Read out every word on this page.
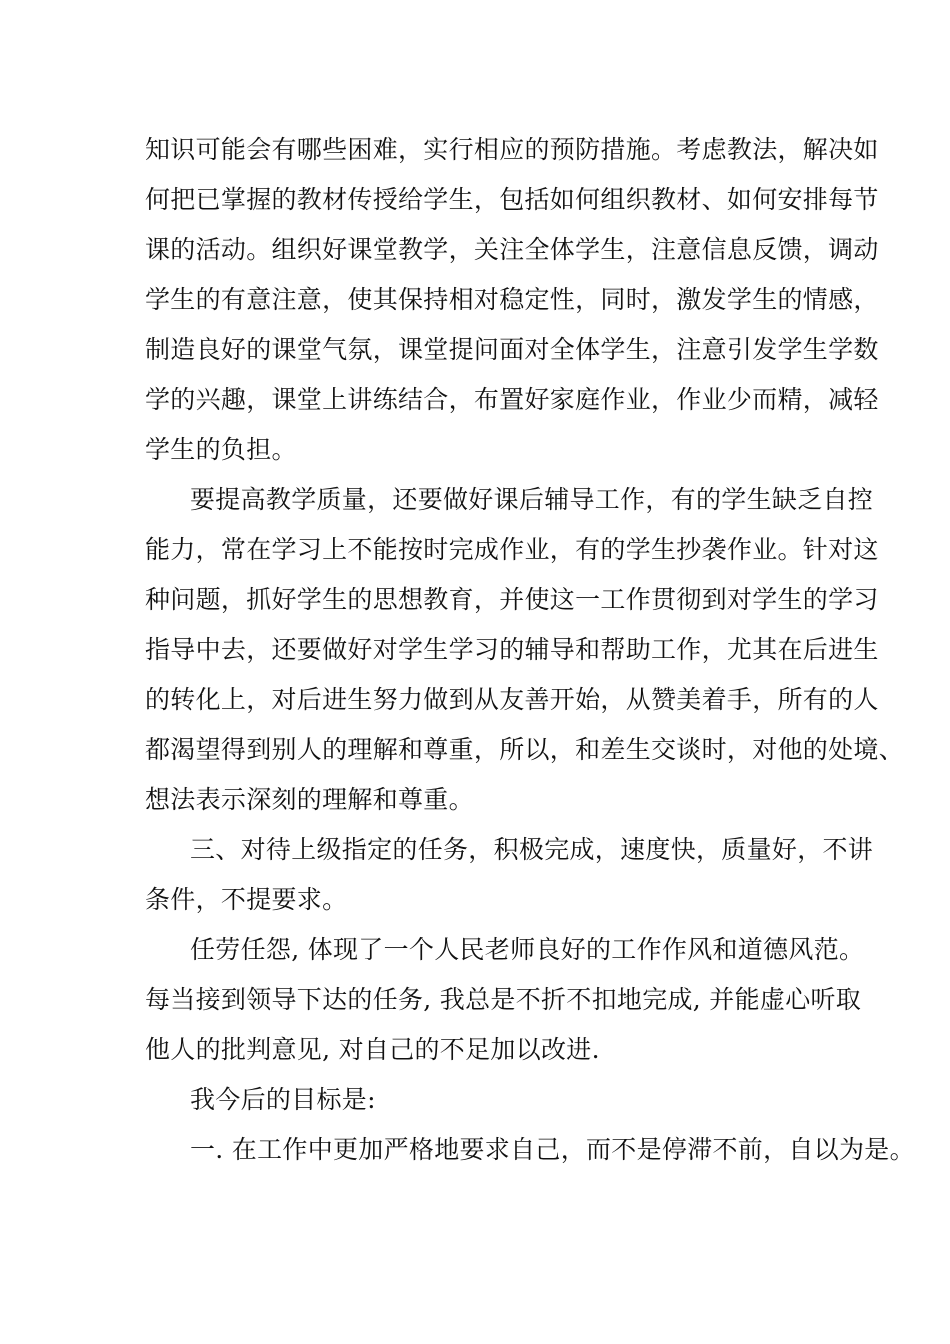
知识可能会有哪些困难，实行相应的预防措施。考虑教法，解决如
何把已掌握的教材传授给学生，包括如何组织教材、如何安排每节
课的活动。组织好课堂教学，关注全体学生，注意信息反馈，调动
学生的有意注意，使其保持相对稳定性，同时，激发学生的情感，
制造良好的课堂气氛，课堂提问面对全体学生，注意引发学生学数
学的兴趣，课堂上讲练结合，布置好家庭作业，作业少而精，减轻
学生的负担。
要提高教学质量，还要做好课后辅导工作，有的学生缺乏自控
能力，常在学习上不能按时完成作业，有的学生抄袭作业。针对这
种问题，抓好学生的思想教育，并使这一工作贯彻到对学生的学习
指导中去，还要做好对学生学习的辅导和帮助工作，尤其在后进生
的转化上，对后进生努力做到从友善开始，从赞美着手，所有的人
都渴望得到别人的理解和尊重，所以，和差生交谈时，对他的处境、
想法表示深刻的理解和尊重。
三、对待上级指定的任务，积极完成，速度快，质量好，不讲
条件，不提要求。
任劳任怨, 体现了一个人民老师良好的工作作风和道德风范。
每当接到领导下达的任务, 我总是不折不扣地完成, 并能虚心听取
他人的批判意见, 对自己的不足加以改进.
我今后的目标是:
一. 在工作中更加严格地要求自己，而不是停滞不前，自以为是。
